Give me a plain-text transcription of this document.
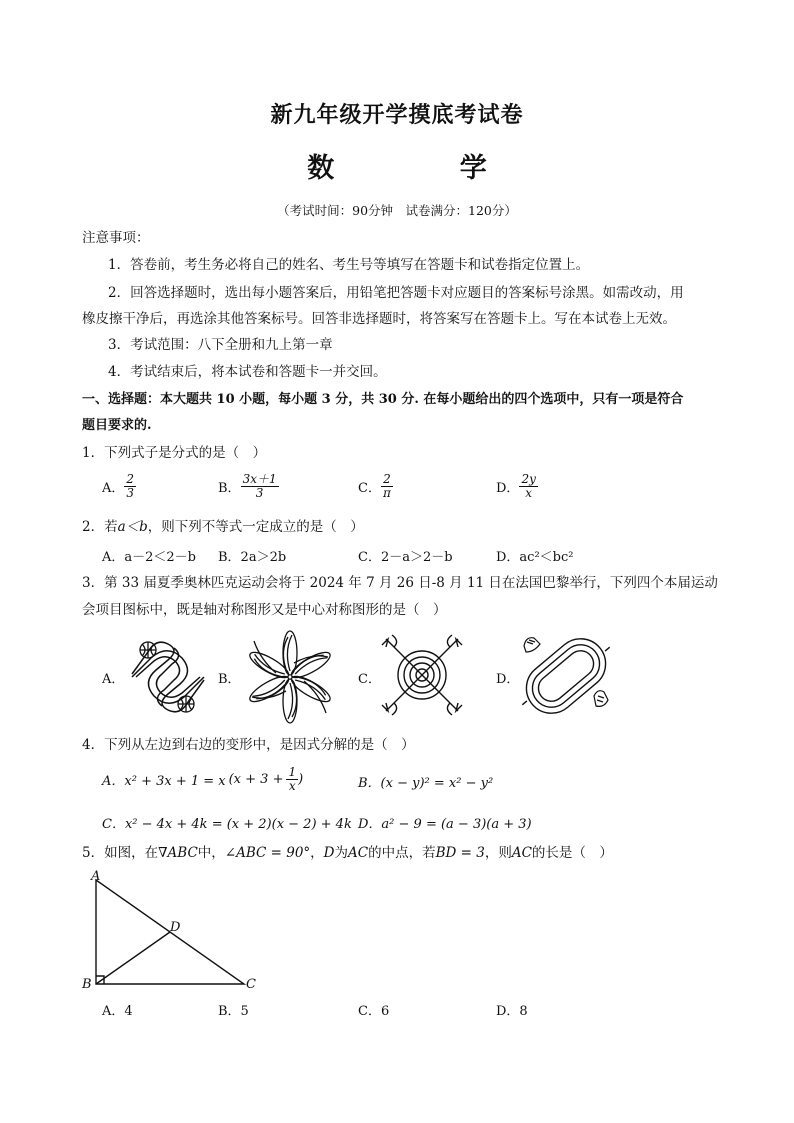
新九年级开学摸底考试卷
数 学
（考试时间：90分钟　试卷满分：120分）
注意事项：
1．答卷前，考生务必将自己的姓名、考生号等填写在答题卡和试卷指定位置上。
2．回答选择题时，选出每小题答案后，用铅笔把答题卡对应题目的答案标号涂黑。如需改动，用
橡皮擦干净后，再选涂其他答案标号。回答非选择题时，将答案写在答题卡上。写在本试卷上无效。
3．考试范围：八下全册和九上第一章
4．考试结束后，将本试卷和答题卡一并交回。
一、选择题：本大题共 10 小题，每小题 3 分，共 30 分. 在每小题给出的四个选项中，只有一项是符合
题目要求的.
1．下列式子是分式的是（　）
A． $\frac{2}{3}$	B． $\frac{3x+1}{3}$	C． $\frac{2}{\pi}$	D． $\frac{2y}{x}$
2．若a＜b，则下列不等式一定成立的是（　）
A．a－2＜2－b B．2a＞2b	C．2－a＞2－b	D．ac²＜bc²
3．第 33 届夏季奥林匹克运动会将于 2024 年 7 月 26 日-8 月 11 日在法国巴黎举行，下列四个本届运动
会项目图标中，既是轴对称图形又是中心对称图形的是（　）
A．	B．	C．	D．
4．下列从左边到右边的变形中，是因式分解的是（　）
A．x² + 3x + 1 = x ($x + 3 + \frac{1}{x}$ )	B．(x − y)² = x² − y²
C．x² − 4x + 4k = (x + 2)(x − 2) + 4k D．a² − 9 = (a − 3)(a + 3)
5．如图，在∇ABC中，∠ABC = 90°，D为AC的中点，若BD = 3，则AC的长是（　）
A
B	C
D
A．4	B．5	C．6	D．8
